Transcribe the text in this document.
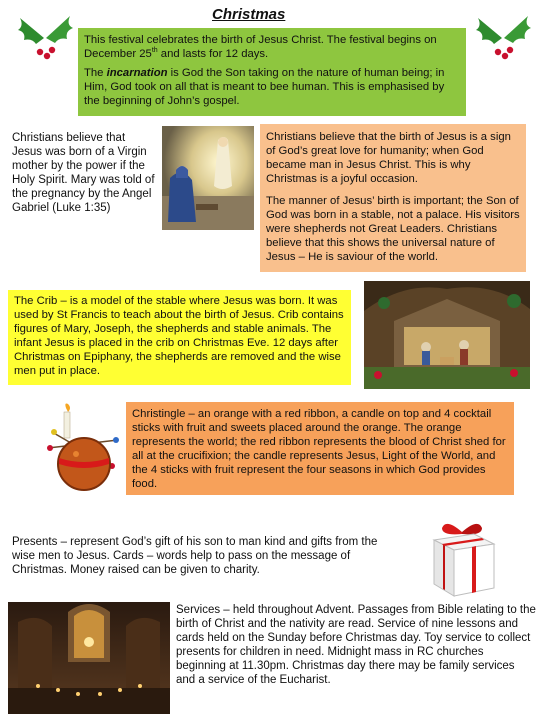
Christmas

This festival celebrates the birth of Jesus Christ. The festival begins on December 25th and lasts for 12 days.

The incarnation is God the Son taking on the nature of human being; in Him, God took on all that is meant to bee human. This is emphasised by the beginning of John’s gospel.

Christians believe that Jesus was born of a Virgin mother by the power if the Holy Spirit. Mary was told of the pregnancy by the Angel Gabriel (Luke 1:35)

Christians believe that the birth of Jesus is a sign of God’s great love for humanity; when God became man in Jesus Christ. This is why Christmas is a joyful occasion.

The manner of Jesus’ birth is important; the Son of God was born in a stable, not a palace. His visitors were shepherds not Great Leaders. Christians believe that this shows the universal nature of Jesus – He is saviour of the world.

The Crib – is a model of the stable where Jesus was born. It was used by St Francis to teach about the birth of Jesus. Crib contains figures of Mary, Joseph, the shepherds and stable animals. The infant Jesus is placed in the crib on Christmas Eve. 12 days after Christmas on Epiphany, the shepherds are removed and the wise men put in place.
Christingle – an orange with a red ribbon, a candle on top and 4 cocktail sticks with fruit and sweets placed around the orange. The orange represents the world; the red ribbon represents the blood of Christ shed for all at the crucifixion; the candle represents Jesus, Light of the World, and the 4 sticks with fruit represent the four seasons in which God provides food.
Presents – represent God’s gift of his son to man kind and gifts from the wise men to Jesus. Cards – words help to pass on the message of Christmas. Money raised can be given to charity.
Services – held throughout Advent. Passages from Bible relating to the birth of Christ and the nativity are read. Service of nine lessons and cards held on the Sunday before Christmas day. Toy service to collect presents for children in need. Midnight mass in RC churches beginning at 11.30pm. Christmas day there may be family services and a service of the Eucharist.
